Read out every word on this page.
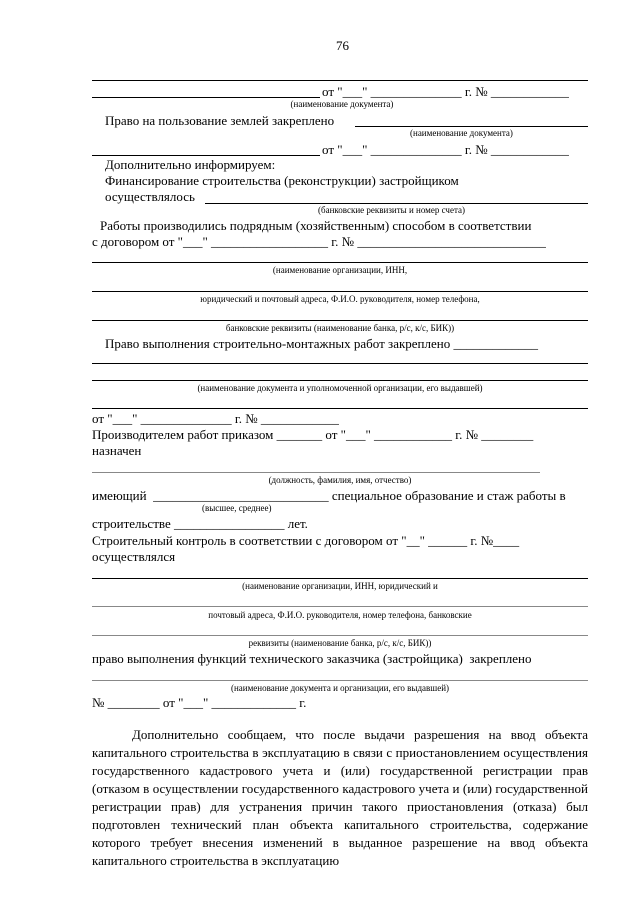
76
от "___" ______________ г. № ____________
(наименование документа)
Право на пользование землей закреплено
(наименование документа)
от "___" ______________ г. № ____________
Дополнительно информируем:
Финансирование строительства (реконструкции) застройщиком
осуществлялось
(банковские реквизиты и номер счета)
Работы производились подрядным (хозяйственным) способом в соответствии
с договором от "___" __________________ г. № _____________________________
(наименование организации, ИНН,
юридический и почтовый адреса, Ф.И.О. руководителя, номер телефона,
банковские реквизиты (наименование банка, р/с, к/с, БИК))
Право выполнения строительно-монтажных работ закреплено _____________
(наименование документа и уполномоченной организации, его выдавшей)
от "___" ______________ г. № ____________
Производителем работ приказом _______ от "___" ____________ г. № ________
назначен
(должность, фамилия, имя, отчество)
имеющий  ___________________________ специальное образование и стаж работы в
(высшее, среднее)
строительстве _________________ лет.
Строительный контроль в соответствии с договором от "__" ______ г. №____
осуществлялся
(наименование организации, ИНН, юридический и
почтовый адреса, Ф.И.О. руководителя, номер телефона, банковские
реквизиты (наименование банка, р/с, к/с, БИК))
право выполнения функций технического заказчика (застройщика)  закреплено
(наименование документа и организации, его выдавшей)
№ ________ от "___" _____________ г.
Дополнительно сообщаем, что после выдачи разрешения на ввод объекта капитального строительства в эксплуатацию в связи с приостановлением осуществления государственного кадастрового учета и (или) государственной регистрации прав (отказом в осуществлении государственного кадастрового учета и (или) государственной регистрации прав) для устранения причин такого приостановления (отказа) был подготовлен технический план объекта капитального строительства, содержание которого требует внесения изменений в выданное разрешение на ввод объекта капитального строительства в эксплуатацию
